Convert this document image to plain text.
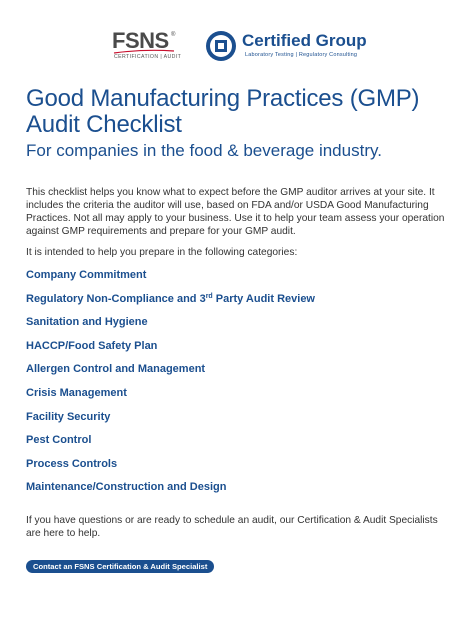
FSNS ®
CERTIFICATION | AUDIT
Certified Group
Laboratory Testing | Regulatory Consulting
Good Manufacturing Practices (GMP)
Audit Checklist
For companies in the food & beverage industry.

This checklist helps you know what to expect before the GMP auditor arrives at your site. It includes the criteria the auditor will use, based on FDA and/or USDA Good Manufacturing Practices. Not all may apply to your business. Use it to help your team assess your operation against GMP requirements and prepare for your GMP audit.

It is intended to help you prepare in the following categories:

Company Commitment
Regulatory Non-Compliance and 3rd Party Audit Review
Sanitation and Hygiene
HACCP/Food Safety Plan
Allergen Control and Management
Crisis Management
Facility Security
Pest Control
Process Controls
Maintenance/Construction and Design

If you have questions or are ready to schedule an audit, our Certification & Audit Specialists are here to help.

Contact an FSNS Certification & Audit Specialist
